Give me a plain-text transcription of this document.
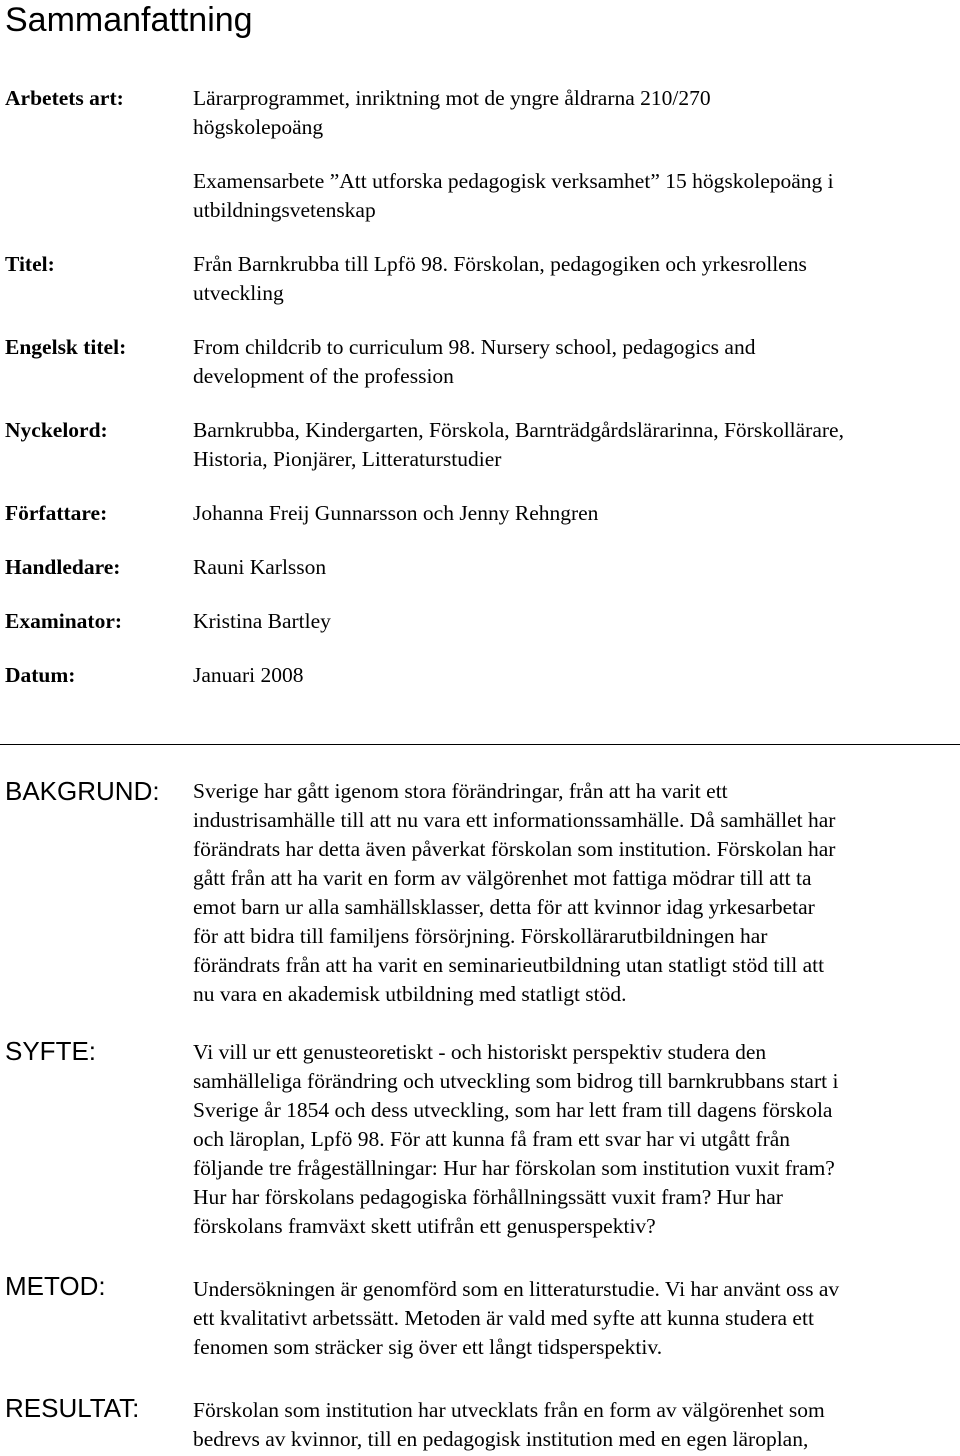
Sammanfattning
Arbetets art:	Lärarprogrammet, inriktning mot de yngre åldrarna 210/270
högskolepoäng
Examensarbete ”Att utforska pedagogisk verksamhet” 15 högskolepoäng i
utbildningsvetenskap
Titel:	Från Barnkrubba till Lpfö 98. Förskolan, pedagogiken och yrkesrollens
utveckling
Engelsk titel:	From childcrib to curriculum 98. Nursery school, pedagogics and
development of the profession
Nyckelord:	Barnkrubba, Kindergarten, Förskola, Barnträdgårdslärarinna, Förskollärare,
Historia, Pionjärer, Litteraturstudier
Författare:	Johanna Freij Gunnarsson och Jenny Rehngren
Handledare:	Rauni Karlsson
Examinator:	Kristina Bartley
Datum:	Januari 2008
BAKGRUND: Sverige har gått igenom stora förändringar, från att ha varit ett
industrisamhälle till att nu vara ett informationssamhälle. Då samhället har
förändrats har detta även påverkat förskolan som institution. Förskolan har
gått från att ha varit en form av välgörenhet mot fattiga mödrar till att ta
emot barn ur alla samhällsklasser, detta för att kvinnor idag yrkesarbetar
för att bidra till familjens försörjning. Förskollärarutbildningen har
förändrats från att ha varit en seminarieutbildning utan statligt stöd till att
nu vara en akademisk utbildning med statligt stöd.
SYFTE:	Vi vill ur ett genusteoretiskt - och historiskt perspektiv studera den
samhälleliga förändring och utveckling som bidrog till barnkrubbans start i
Sverige år 1854 och dess utveckling, som har lett fram till dagens förskola
och läroplan, Lpfö 98. För att kunna få fram ett svar har vi utgått från
följande tre frågeställningar: Hur har förskolan som institution vuxit fram?
Hur har förskolans pedagogiska förhållningssätt vuxit fram? Hur har
förskolans framväxt skett utifrån ett genusperspektiv?
METOD:	Undersökningen är genomförd som en litteraturstudie. Vi har använt oss av
ett kvalitativt arbetssätt. Metoden är vald med syfte att kunna studera ett
fenomen som sträcker sig över ett långt tidsperspektiv.
RESULTAT: Förskolan som institution har utvecklats från en form av välgörenhet som
bedrevs av kvinnor, till en pedagogisk institution med en egen läroplan,
